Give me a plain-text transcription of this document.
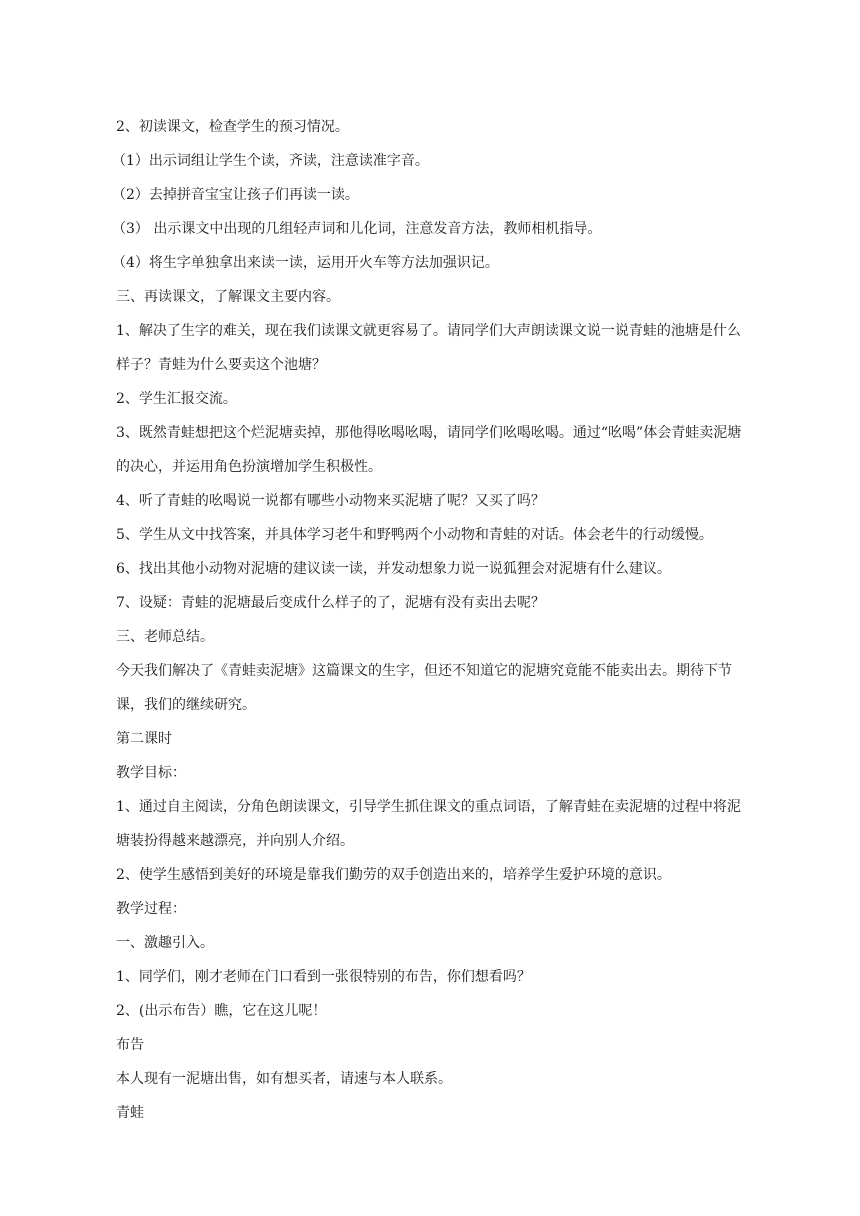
2、初读课文，检查学生的预习情况。

（1）出示词组让学生个读，齐读，注意读准字音。

（2）去掉拼音宝宝让孩子们再读一读。

（3） 出示课文中出现的几组轻声词和儿化词，注意发音方法，教师相机指导。

（4）将生字单独拿出来读一读，运用开火车等方法加强识记。

三、再读课文，了解课文主要内容。

1、解决了生字的难关，现在我们读课文就更容易了。请同学们大声朗读课文说一说青蛙的池塘是什么样子？青蛙为什么要卖这个池塘？

2、学生汇报交流。

3、既然青蛙想把这个烂泥塘卖掉，那他得吆喝吆喝，请同学们吆喝吆喝。通过“吆喝”体会青蛙卖泥塘的决心，并运用角色扮演增加学生积极性。

4、听了青蛙的吆喝说一说都有哪些小动物来买泥塘了呢？又买了吗？

5、学生从文中找答案，并具体学习老牛和野鸭两个小动物和青蛙的对话。体会老牛的行动缓慢。

6、找出其他小动物对泥塘的建议读一读，并发动想象力说一说狐狸会对泥塘有什么建议。

7、设疑：青蛙的泥塘最后变成什么样子的了，泥塘有没有卖出去呢？

三、老师总结。

今天我们解决了《青蛙卖泥塘》这篇课文的生字，但还不知道它的泥塘究竟能不能卖出去。期待下节课，我们的继续研究。

第二课时

教学目标：

1、通过自主阅读，分角色朗读课文，引导学生抓住课文的重点词语，了解青蛙在卖泥塘的过程中将泥塘装扮得越来越漂亮，并向别人介绍。

2、使学生感悟到美好的环境是靠我们勤劳的双手创造出来的，培养学生爱护环境的意识。

教学过程：

一、激趣引入。

1、同学们，刚才老师在门口看到一张很特别的布告，你们想看吗？

2、(出示布告）瞧，它在这儿呢！

布告

本人现有一泥塘出售，如有想买者，请速与本人联系。

青蛙
